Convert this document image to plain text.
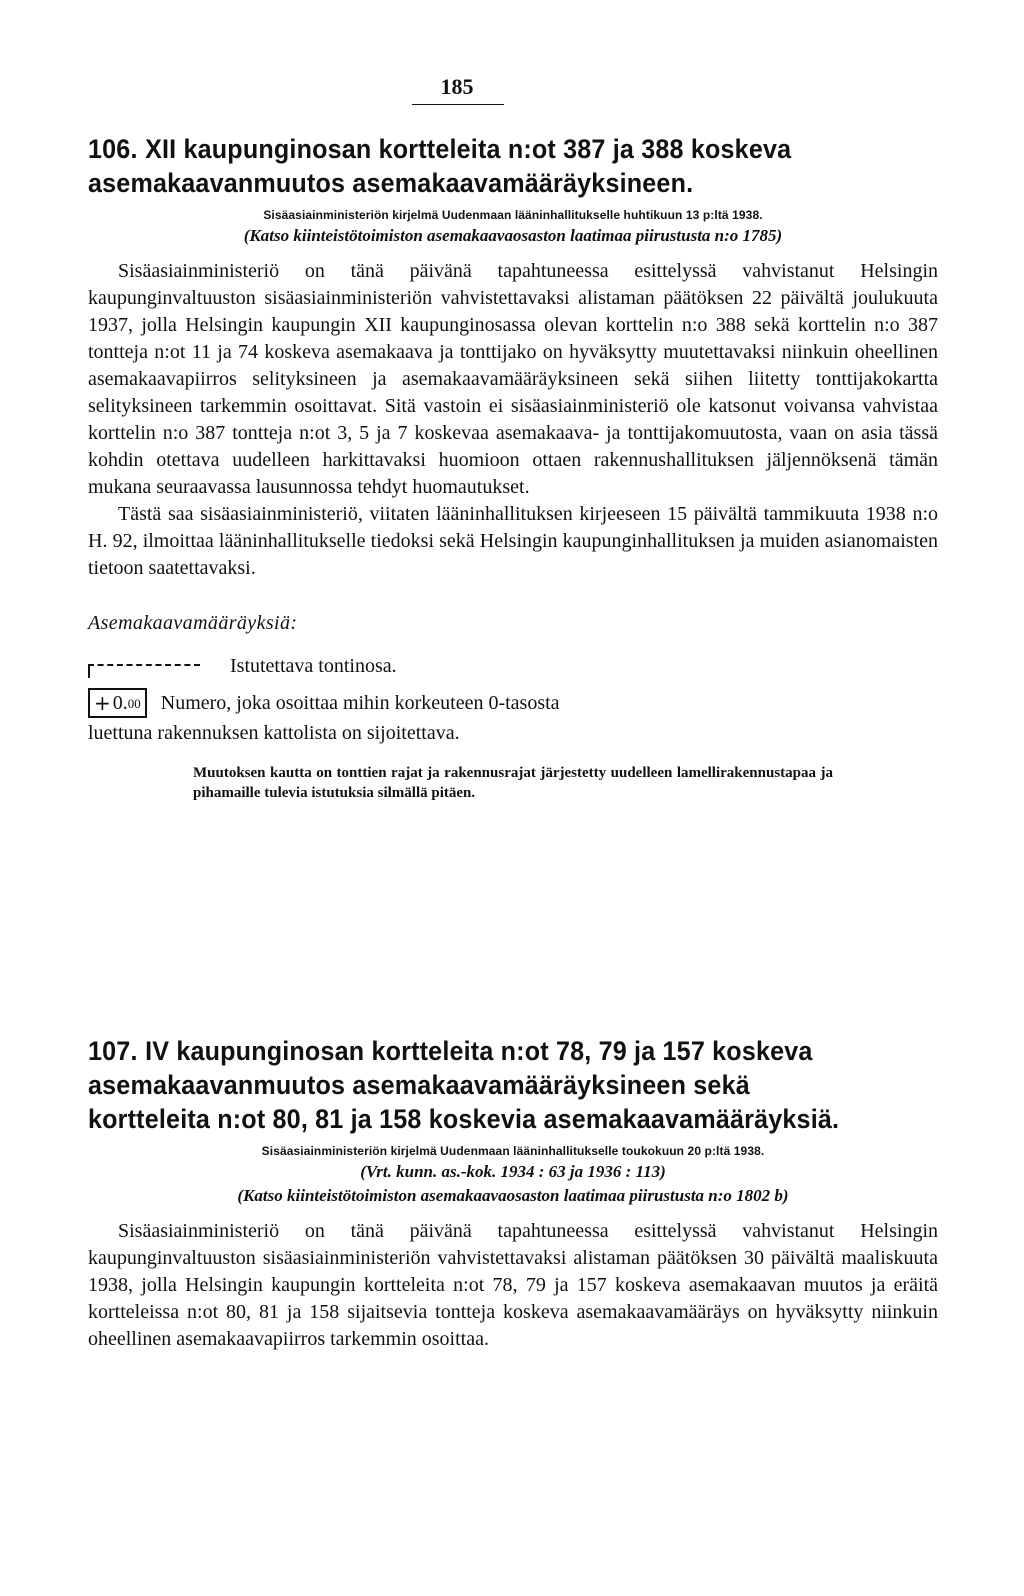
185
106. XII kaupunginosan kortteleita n:ot 387 ja 388 koskeva asemakaavanmuutos asemakaavamääräyksineen.
Sisäasiainministeriön kirjelmä Uudenmaan lääninhallitukselle huhtikuun 13 p:ltä 1938.
(Katso kiinteistötoimiston asemakaavaosaston laatimaa piirustusta n:o 1785)

Sisäasiainministeriö on tänä päivänä tapahtuneessa esittelyssä vahvistanut Helsingin kaupunginvaltuuston sisäasiainministeriön vahvistettavaksi alistaman päätöksen 22 päivältä joulukuuta 1937, jolla Helsingin kaupungin XII kaupunginosassa olevan korttelin n:o 388 sekä korttelin n:o 387 tontteja n:ot 11 ja 74 koskeva asemakaava ja tonttijako on hyväksytty muutettavaksi niinkuin oheellinen asemakaavapiirros selityksineen ja asemakaavamääräyksineen sekä siihen liitetty tonttijakokartta selityksineen tarkemmin osoittavat. Sitä vastoin ei sisäasiainministeriö ole katsonut voivansa vahvistaa korttelin n:o 387 tontteja n:ot 3, 5 ja 7 koskevaa asemakaava- ja tonttijakomuutosta, vaan on asia tässä kohdin otettava uudelleen harkittavaksi huomioon ottaen rakennushallituksen jäljennöksenä tämän mukana seuraavassa lausunnossa tehdyt huomautukset.

Tästä saa sisäasiainministeriö, viitaten lääninhallituksen kirjeeseen 15 päivältä tammikuuta 1938 n:o H. 92, ilmoittaa lääninhallitukselle tiedoksi sekä Helsingin kaupunginhallituksen ja muiden asianomaisten tietoon saatettavaksi.

Asemakaavamääräyksiä:
Istutettava tontinosa.
+ 0. 00 Numero, joka osoittaa mihin korkeuteen 0-tasosta
luettuna rakennuksen kattolista on sijoitettava.
Muutoksen kautta on tonttien rajat ja rakennusrajat järjestetty uudelleen lamellirakennustapaa ja pihamaille tulevia istutuksia silmällä pitäen.
107. IV kaupunginosan kortteleita n:ot 78, 79 ja 157 koskeva asemakaavanmuutos asemakaavamääräyksineen sekä kortteleita n:ot 80, 81 ja 158 koskevia asemakaavamääräyksiä.
Sisäasiainministeriön kirjelmä Uudenmaan lääninhallitukselle toukokuun 20 p:ltä 1938.
(Vrt. kunn. as.-kok. 1934 : 63 ja 1936 : 113)
(Katso kiinteistötoimiston asemakaavaosaston laatimaa piirustusta n:o 1802 b)

Sisäasiainministeriö on tänä päivänä tapahtuneessa esittelyssä vahvistanut Helsingin kaupunginvaltuuston sisäasiainministeriön vahvistettavaksi alistaman päätöksen 30 päivältä maaliskuuta 1938, jolla Helsingin kaupungin kortteleita n:ot 78, 79 ja 157 koskeva asemakaavan muutos ja eräitä kortteleissa n:ot 80, 81 ja 158 sijaitsevia tontteja koskeva asemakaavamääräys on hyväksytty niinkuin oheellinen asemakaavapiirros tarkemmin osoittaa.
